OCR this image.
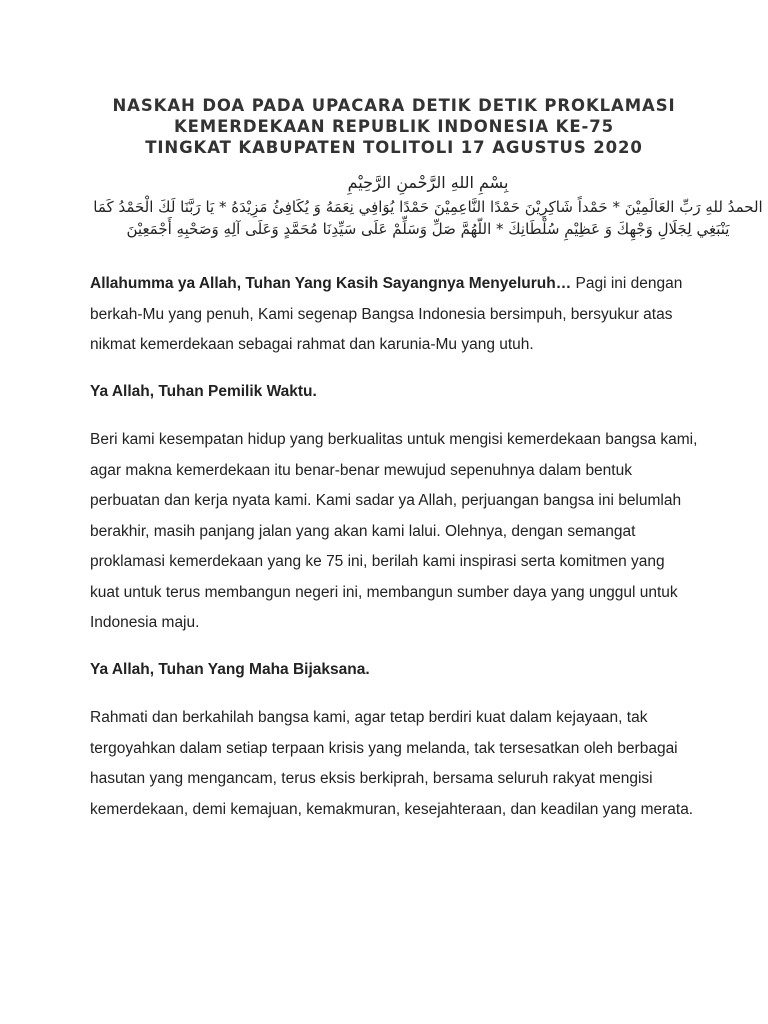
NASKAH DOA PADA UPACARA DETIK DETIK PROKLAMASI
KEMERDEKAAN REPUBLIK INDONESIA KE-75
TINGKAT KABUPATEN TOLITOLI 17 AGUSTUS 2020
بِسْمِ اللهِ الرَّحْمنِ الرَّحِيْمِ
الحمدُ للهِ رَبِّ العَالَمِيْنَ * حَمْداً شَاكِرِيْنَ حَمْدًا النَّاعِمِيْنَ حَمْدًا يُوَافِي نِعَمَهُ وَ يُكَافِئُ مَزِيْدَهُ * يَا رَبَّنَا لَكَ الْحَمْدُ كَمَا يَنْبَغِي لِجَلَالِ وَجْهِكَ وَ عَظِيْمِ سُلْطَانِكَ * اللّهُمَّ صَلِّ وَسَلِّمْ عَلَى سَيِّدِنَا مُحَمَّدٍ وَعَلَى آلِهِ وَصَحْبِهِ أَجْمَعِيْنَ

Allahumma ya Allah, Tuhan Yang Kasih Sayangnya Menyeluruh… Pagi ini dengan berkah-Mu yang penuh, Kami segenap Bangsa Indonesia bersimpuh, bersyukur atas nikmat kemerdekaan sebagai rahmat dan karunia-Mu yang utuh.

Ya Allah, Tuhan Pemilik Waktu.

Beri kami kesempatan hidup yang berkualitas untuk mengisi kemerdekaan bangsa kami, agar makna kemerdekaan itu benar-benar mewujud sepenuhnya dalam bentuk perbuatan dan kerja nyata kami. Kami sadar ya Allah, perjuangan bangsa ini belumlah berakhir, masih panjang jalan yang akan kami lalui. Olehnya, dengan semangat proklamasi kemerdekaan yang ke 75 ini, berilah kami inspirasi serta komitmen yang kuat untuk terus membangun negeri ini, membangun sumber daya yang unggul untuk Indonesia maju.

Ya Allah, Tuhan Yang Maha Bijaksana.

Rahmati dan berkahilah bangsa kami, agar tetap berdiri kuat dalam kejayaan, tak tergoyahkan dalam setiap terpaan krisis yang melanda, tak tersesatkan oleh berbagai hasutan yang mengancam, terus eksis berkiprah, bersama seluruh rakyat mengisi kemerdekaan, demi kemajuan, kemakmuran, kesejahteraan, dan keadilan yang merata.
